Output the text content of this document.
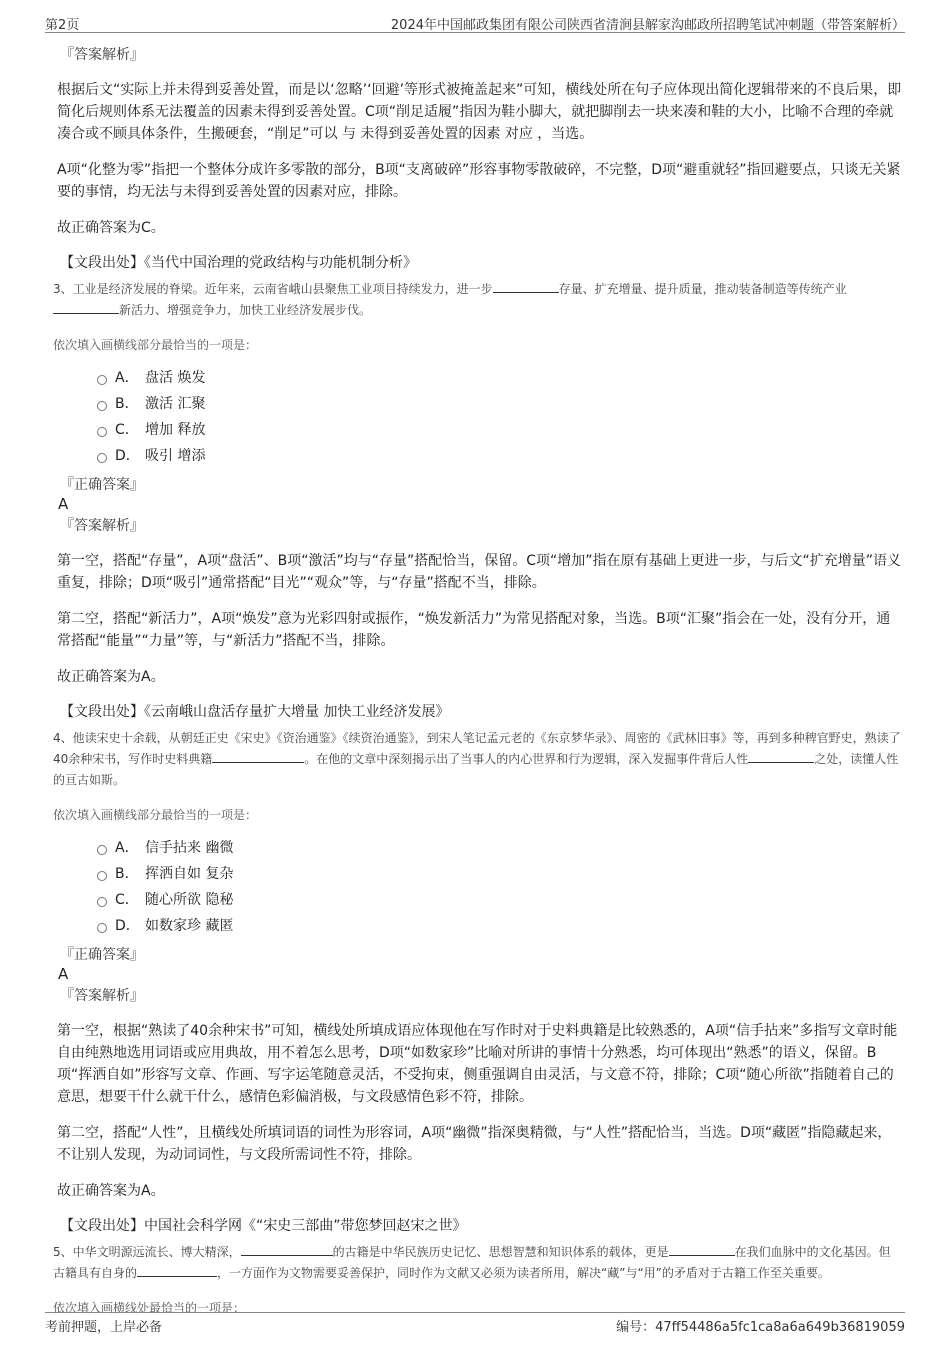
第2页	2024年中国邮政集团有限公司陕西省清涧县解家沟邮政所招聘笔试冲刺题（带答案解析）
『答案解析』

根据后文“实际上并未得到妥善处置，而是以‘忽略’‘回避’等形式被掩盖起来”可知，横线处所在句子应体现出简化逻辑带来的不良后果，即简化后规则体系无法覆盖的因素未得到妥善处置。C项“削足适履”指因为鞋小脚大，就把脚削去一块来凑和鞋的大小，比喻不合理的牵就凑合或不顾具体条件，生搬硬套，“削足”可以 与 未得到妥善处置的因素 对应 ，当选。

A项“化整为零”指把一个整体分成许多零散的部分，B项“支离破碎”形容事物零散破碎，不完整，D项“避重就轻”指回避要点，只谈无关紧要的事情，均无法与未得到妥善处置的因素对应，排除。

故正确答案为C。

【文段出处】《当代中国治理的党政结构与功能机制分析》

3、工业是经济发展的脊梁。近年来，云南省峨山县聚焦工业项目持续发力，进一步	存量、扩充增量、提升质量，推动装备制造等传统产业新活力、增强竞争力，加快工业经济发展步伐。

依次填入画横线部分最恰当的一项是：
A． 盘活 焕发
B． 激活 汇聚
C． 增加 释放
D． 吸引 增添
『正确答案』
A
『答案解析』

第一空，搭配“存量”，A项“盘活”、B项“激活”均与“存量”搭配恰当，保留。C项“增加”指在原有基础上更进一步，与后文“扩充增量”语义重复，排除；D项“吸引”通常搭配“目光”“观众”等，与“存量”搭配不当，排除。

第二空，搭配“新活力”，A项“焕发”意为光彩四射或振作，“焕发新活力”为常见搭配对象，当选。B项“汇聚”指会在一处，没有分开，通常搭配“能量”“力量”等，与“新活力”搭配不当，排除。

故正确答案为A。

【文段出处】《云南峨山盘活存量扩大增量 加快工业经济发展》

4、他读宋史十余载，从朝廷正史《宋史》《资治通鉴》《续资治通鉴》，到宋人笔记孟元老的《东京梦华录》、周密的《武林旧事》等，再到多种稗官野史，熟读了40余种宋书，写作时史料典籍	。在他的文章中深刻揭示出了当事人的内心世界和行为逻辑，深入发掘事件背后人性	之处，读懂人性的亘古如斯。

依次填入画横线部分最恰当的一项是：
A． 信手拈来 幽微
B． 挥洒自如 复杂
C． 随心所欲 隐秘
D． 如数家珍 藏匿
『正确答案』
A
『答案解析』

第一空，根据“熟读了40余种宋书”可知，横线处所填成语应体现他在写作时对于史料典籍是比较熟悉的，A项“信手拈来”多指写文章时能自由纯熟地选用词语或应用典故，用不着怎么思考，D项“如数家珍”比喻对所讲的事情十分熟悉，均可体现出“熟悉”的语义，保留。B项“挥洒自如”形容写文章、作画、写字运笔随意灵活，不受拘束，侧重强调自由灵活，与文意不符，排除；C项“随心所欲”指随着自己的意思，想要干什么就干什么，感情色彩偏消极，与文段感情色彩不符，排除。

第二空，搭配“人性”，且横线处所填词语的词性为形容词，A项“幽微”指深奥精微，与“人性”搭配恰当，当选。D项“藏匿”指隐藏起来，不让别人发现，为动词词性，与文段所需词性不符，排除。

故正确答案为A。

【文段出处】中国社会科学网《“宋史三部曲”带您梦回赵宋之世》

5、中华文明源远流长、博大精深，	的古籍是中华民族历史记忆、思想智慧和知识体系的载体，更是	在我们血脉中的文化基因。但古籍具有自身的	，一方面作为文物需要妥善保护，同时作为文献又必须为读者所用，解决“藏”与“用”的矛盾对于古籍工作至关重要。

依次填入画横线处最恰当的一项是：
考前押题，上岸必备	编号：47ff54486a5fc1ca8a6a649b36819059
